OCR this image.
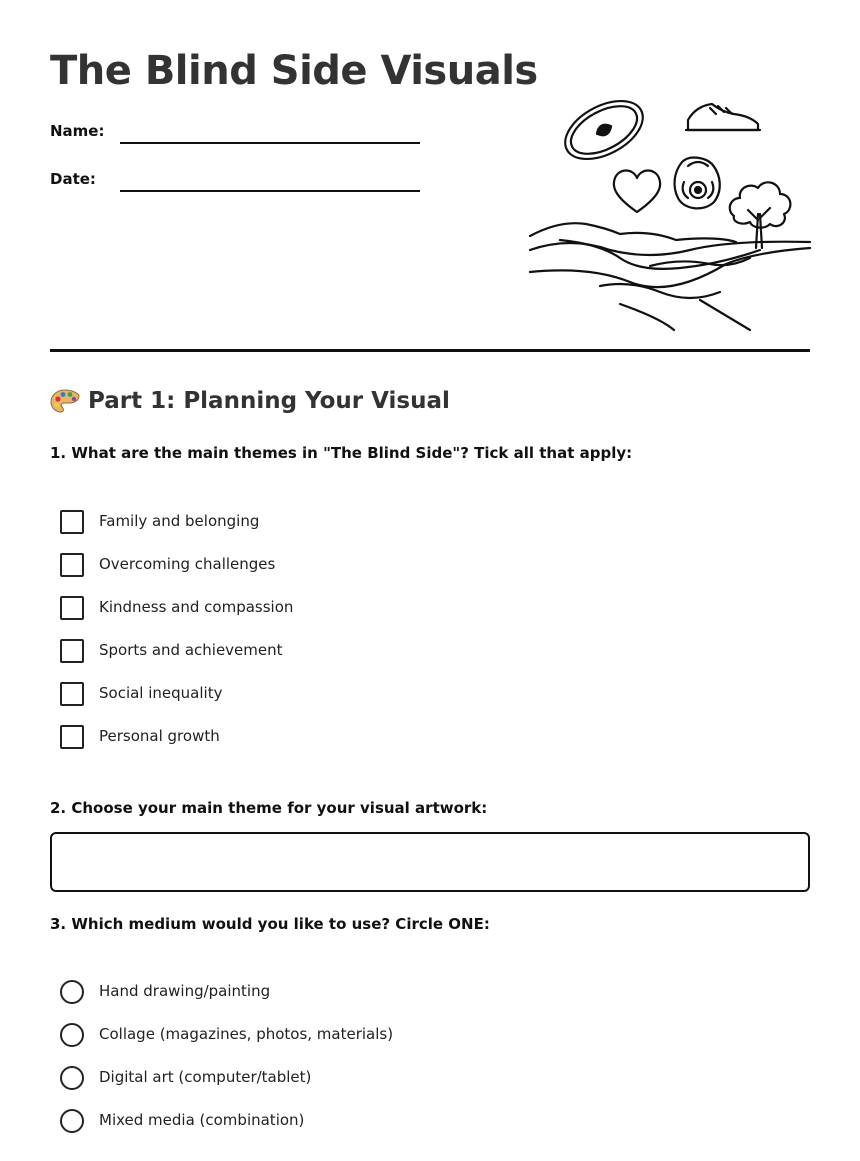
The Blind Side Visuals
Name:
Date:
Part 1: Planning Your Visual

1. What are the main themes in "The Blind Side"? Tick all that apply:

Family and belonging
Overcoming challenges
Kindness and compassion
Sports and achievement
Social inequality
Personal growth

2. Choose your main theme for your visual artwork:

3. Which medium would you like to use? Circle ONE:

Hand drawing/painting
Collage (magazines, photos, materials)
Digital art (computer/tablet)
Mixed media (combination)
